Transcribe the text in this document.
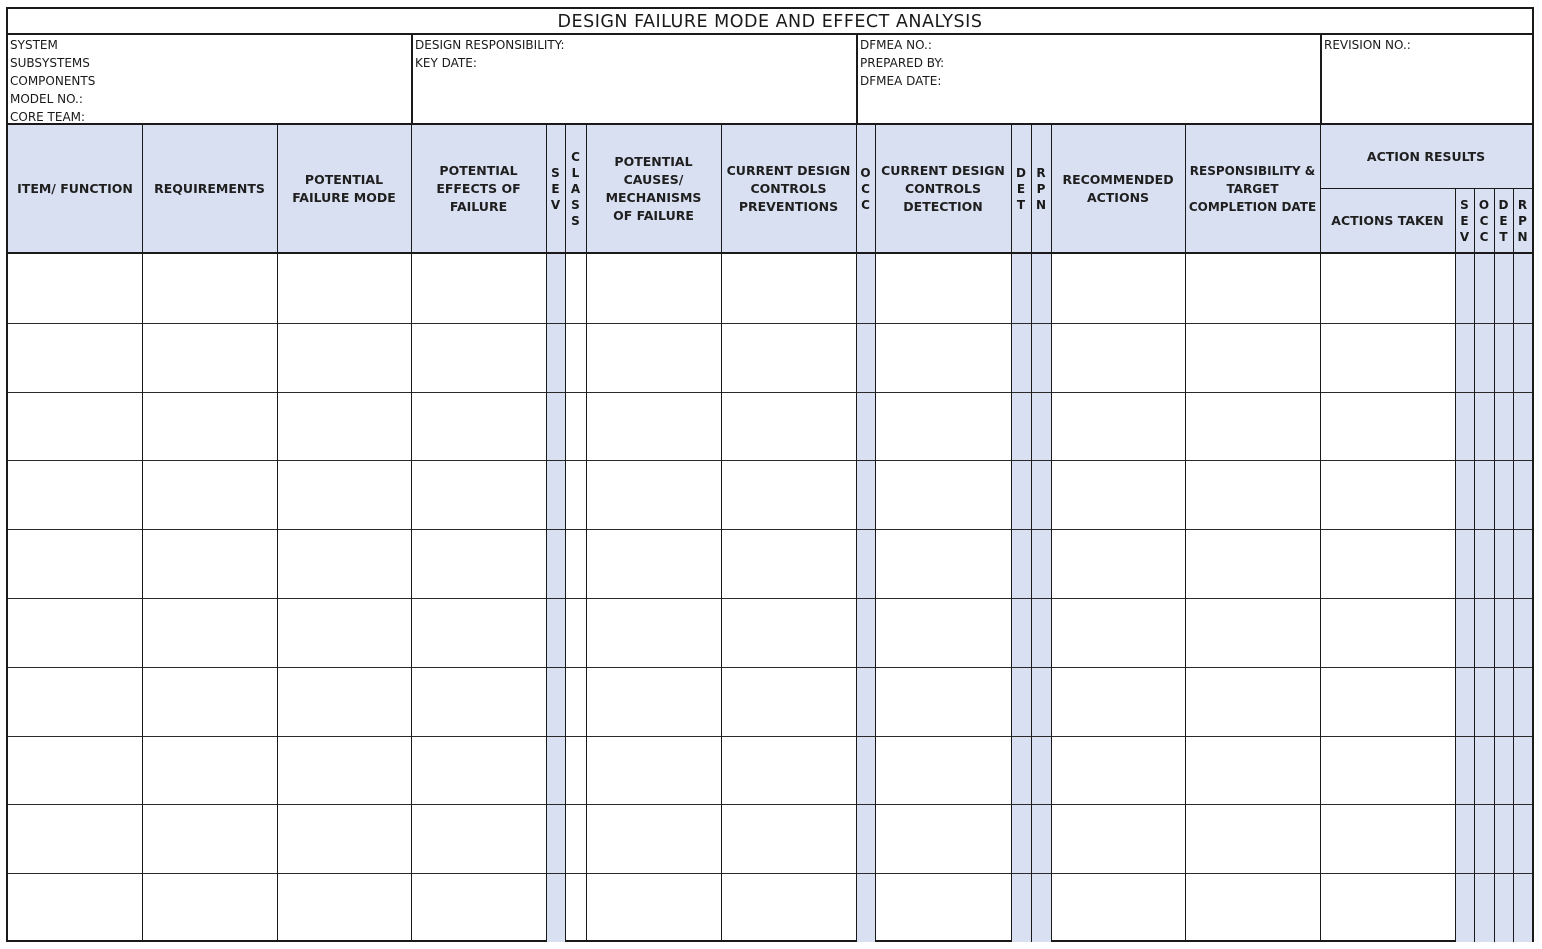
DESIGN FAILURE MODE AND EFFECT ANALYSIS
SYSTEM
SUBSYSTEMS
COMPONENTS
MODEL NO.:
CORE TEAM:
DESIGN RESPONSIBILITY:
KEY DATE:
DFMEA NO.:
PREPARED BY:
DFMEA DATE:
REVISION NO.:
ITEM/ FUNCTION	REQUIREMENTS
POTENTIAL FAILURE MODE
POTENTIAL EFFECTS OF FAILURE
S
E
V
C
L
A
S
S
POTENTIAL CAUSES/ MECHANISMS OF FAILURE
CURRENT DESIGN CONTROLS PREVENTIONS
O
C
C
CURRENT DESIGN CONTROLS DETECTION
D
E
T
R
P
N
RECOMMENDED ACTIONS
RESPONSIBILITY & TARGET COMPLETION DATE
ACTION RESULTS
ACTIONS TAKEN
S
E
V
O
C
C
D
E
T
R
P
N
